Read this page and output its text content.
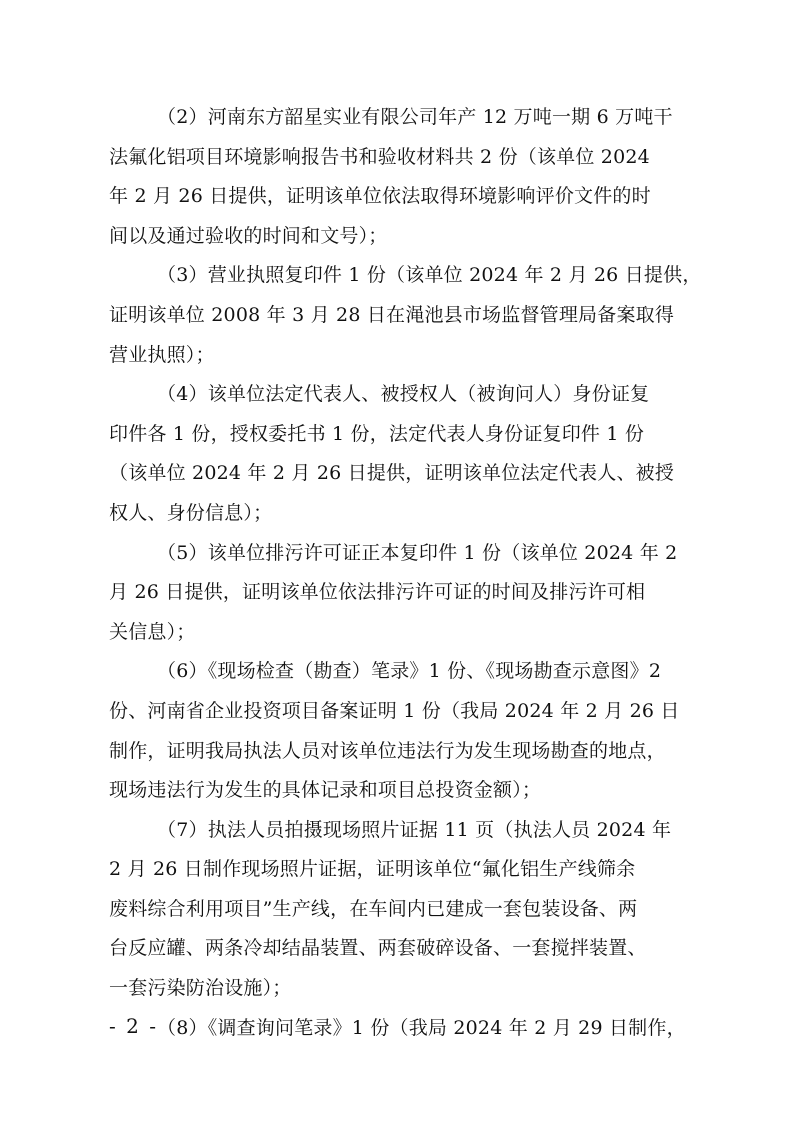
（2）河南东方韶星实业有限公司年产 12 万吨一期 6 万吨干
法氟化铝项目环境影响报告书和验收材料共 2 份（该单位 2024
年 2 月 26 日提供，证明该单位依法取得环境影响评价文件的时
间以及通过验收的时间和文号）；
（3）营业执照复印件 1 份（该单位 2024 年 2 月 26 日提供，
证明该单位 2008 年 3 月 28 日在渑池县市场监督管理局备案取得
营业执照）；
（4）该单位法定代表人、被授权人（被询问人）身份证复
印件各 1 份，授权委托书 1 份，法定代表人身份证复印件 1 份
（该单位 2024 年 2 月 26 日提供，证明该单位法定代表人、被授
权人、身份信息）；
（5）该单位排污许可证正本复印件 1 份（该单位 2024 年 2
月 26 日提供，证明该单位依法排污许可证的时间及排污许可相
关信息）；
（6）《现场检查（勘查）笔录》1 份、《现场勘查示意图》2
份、河南省企业投资项目备案证明 1 份（我局 2024 年 2 月 26 日
制作，证明我局执法人员对该单位违法行为发生现场勘查的地点，
现场违法行为发生的具体记录和项目总投资金额）；
（7）执法人员拍摄现场照片证据 11 页（执法人员 2024 年
2 月 26 日制作现场照片证据，证明该单位“氟化铝生产线筛余
废料综合利用项目”生产线，在车间内已建成一套包装设备、两
台反应罐、两条冷却结晶装置、两套破碎设备、一套搅拌装置、
一套污染防治设施）；
（8）《调查询问笔录》1 份（我局 2024 年 2 月 29 日制作，
- 2 -
